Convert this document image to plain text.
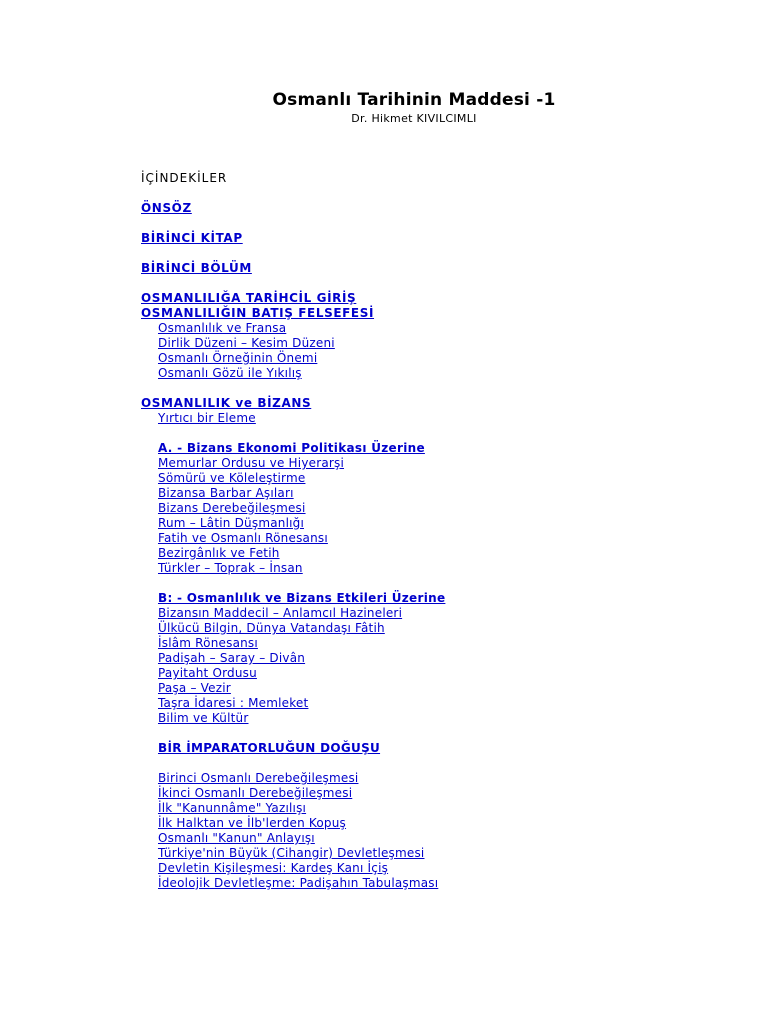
Osmanlı Tarihinin Maddesi -1
Dr. Hikmet KIVILCIMLI
İÇİNDEKİLER
ÖNSÖZ
BİRİNCİ KİTAP
BİRİNCİ BÖLÜM
OSMANLILIĞA TARİHCİL GİRİŞ
OSMANLILIĞIN BATIŞ FELSEFESİ
Osmanlılık ve Fransa
Dirlik Düzeni – Kesim Düzeni
Osmanlı Örneğinin Önemi
Osmanlı Gözü ile Yıkılış
OSMANLILIK ve BİZANS
Yırtıcı bir Eleme
A. - Bizans Ekonomi Politikası Üzerine
Memurlar Ordusu ve Hiyerarşi
Sömürü ve Köleleştirme
Bizansa Barbar Aşıları
Bizans Derebeğileşmesi
Rum – Lâtin Düşmanlığı
Fatih ve Osmanlı Rönesansı
Bezirgânlık ve Fetih
Türkler – Toprak – İnsan
B: - Osmanlılık ve Bizans Etkileri Üzerine
Bizansın Maddecil – Anlamcıl Hazineleri
Ülkücü Bilgin, Dünya Vatandaşı Fâtih
İslâm Rönesansı
Padişah – Saray – Divân
Payitaht Ordusu
Paşa – Vezir
Taşra İdaresi : Memleket
Bilim ve Kültür
BİR İMPARATORLUĞUN DOĞUŞU
Birinci Osmanlı Derebeğileşmesi
İkinci Osmanlı Derebeğileşmesi
İlk "Kanunnâme" Yazılışı
İlk Halktan ve İlb'lerden Kopuş
Osmanlı "Kanun" Anlayışı
Türkiye'nin Büyük (Cihangir) Devletleşmesi
Devletin Kişileşmesi: Kardeş Kanı İçiş
İdeolojik Devletleşme: Padişahın Tabulaşması
